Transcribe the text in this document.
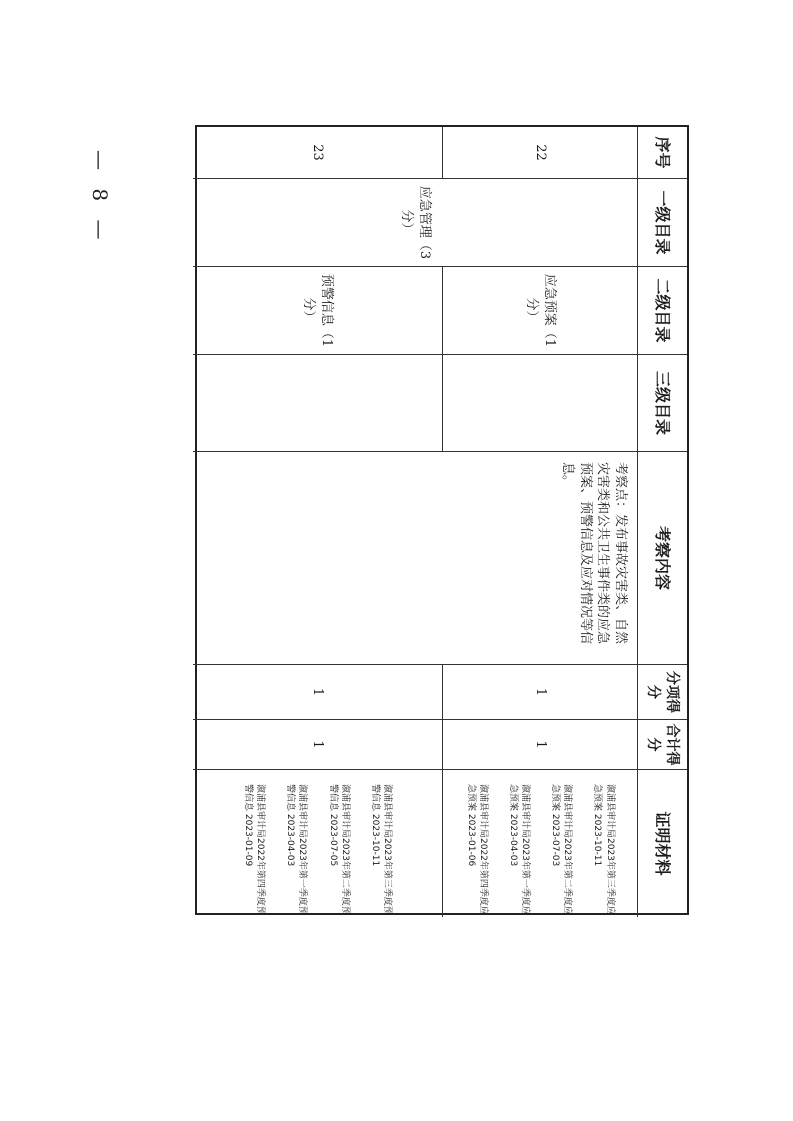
— 8 —	序号
一级目录
二级目录
三级目录
考察内容
分项得分
合计得分
证明材料
22
应急预案（1分）
1
1
溆浦县审计局2023年第三季度应急预案 2023-10-11
溆浦县审计局2023年第二季度应急预案 2023-07-03
溆浦县审计局2023年第一季度应急预案 2023-04-03
溆浦县审计局2022年第四季度应急预案 2023-01-06
23
预警信息（1分）
1
1
溆浦县审计局2023年第三季度预警信息 2023-10-11
溆浦县审计局2023年第二季度预警信息 2023-07-05
溆浦县审计局2023年第一季度预警信息 2023-04-03
溆浦县审计局2022年第四季度预警信息 2023-01-09
应急管理（3分）
考察点：发布事故灾害类、自然灾害类和公共卫生事件类的应急预案、预警信息及应对情况等信息。
